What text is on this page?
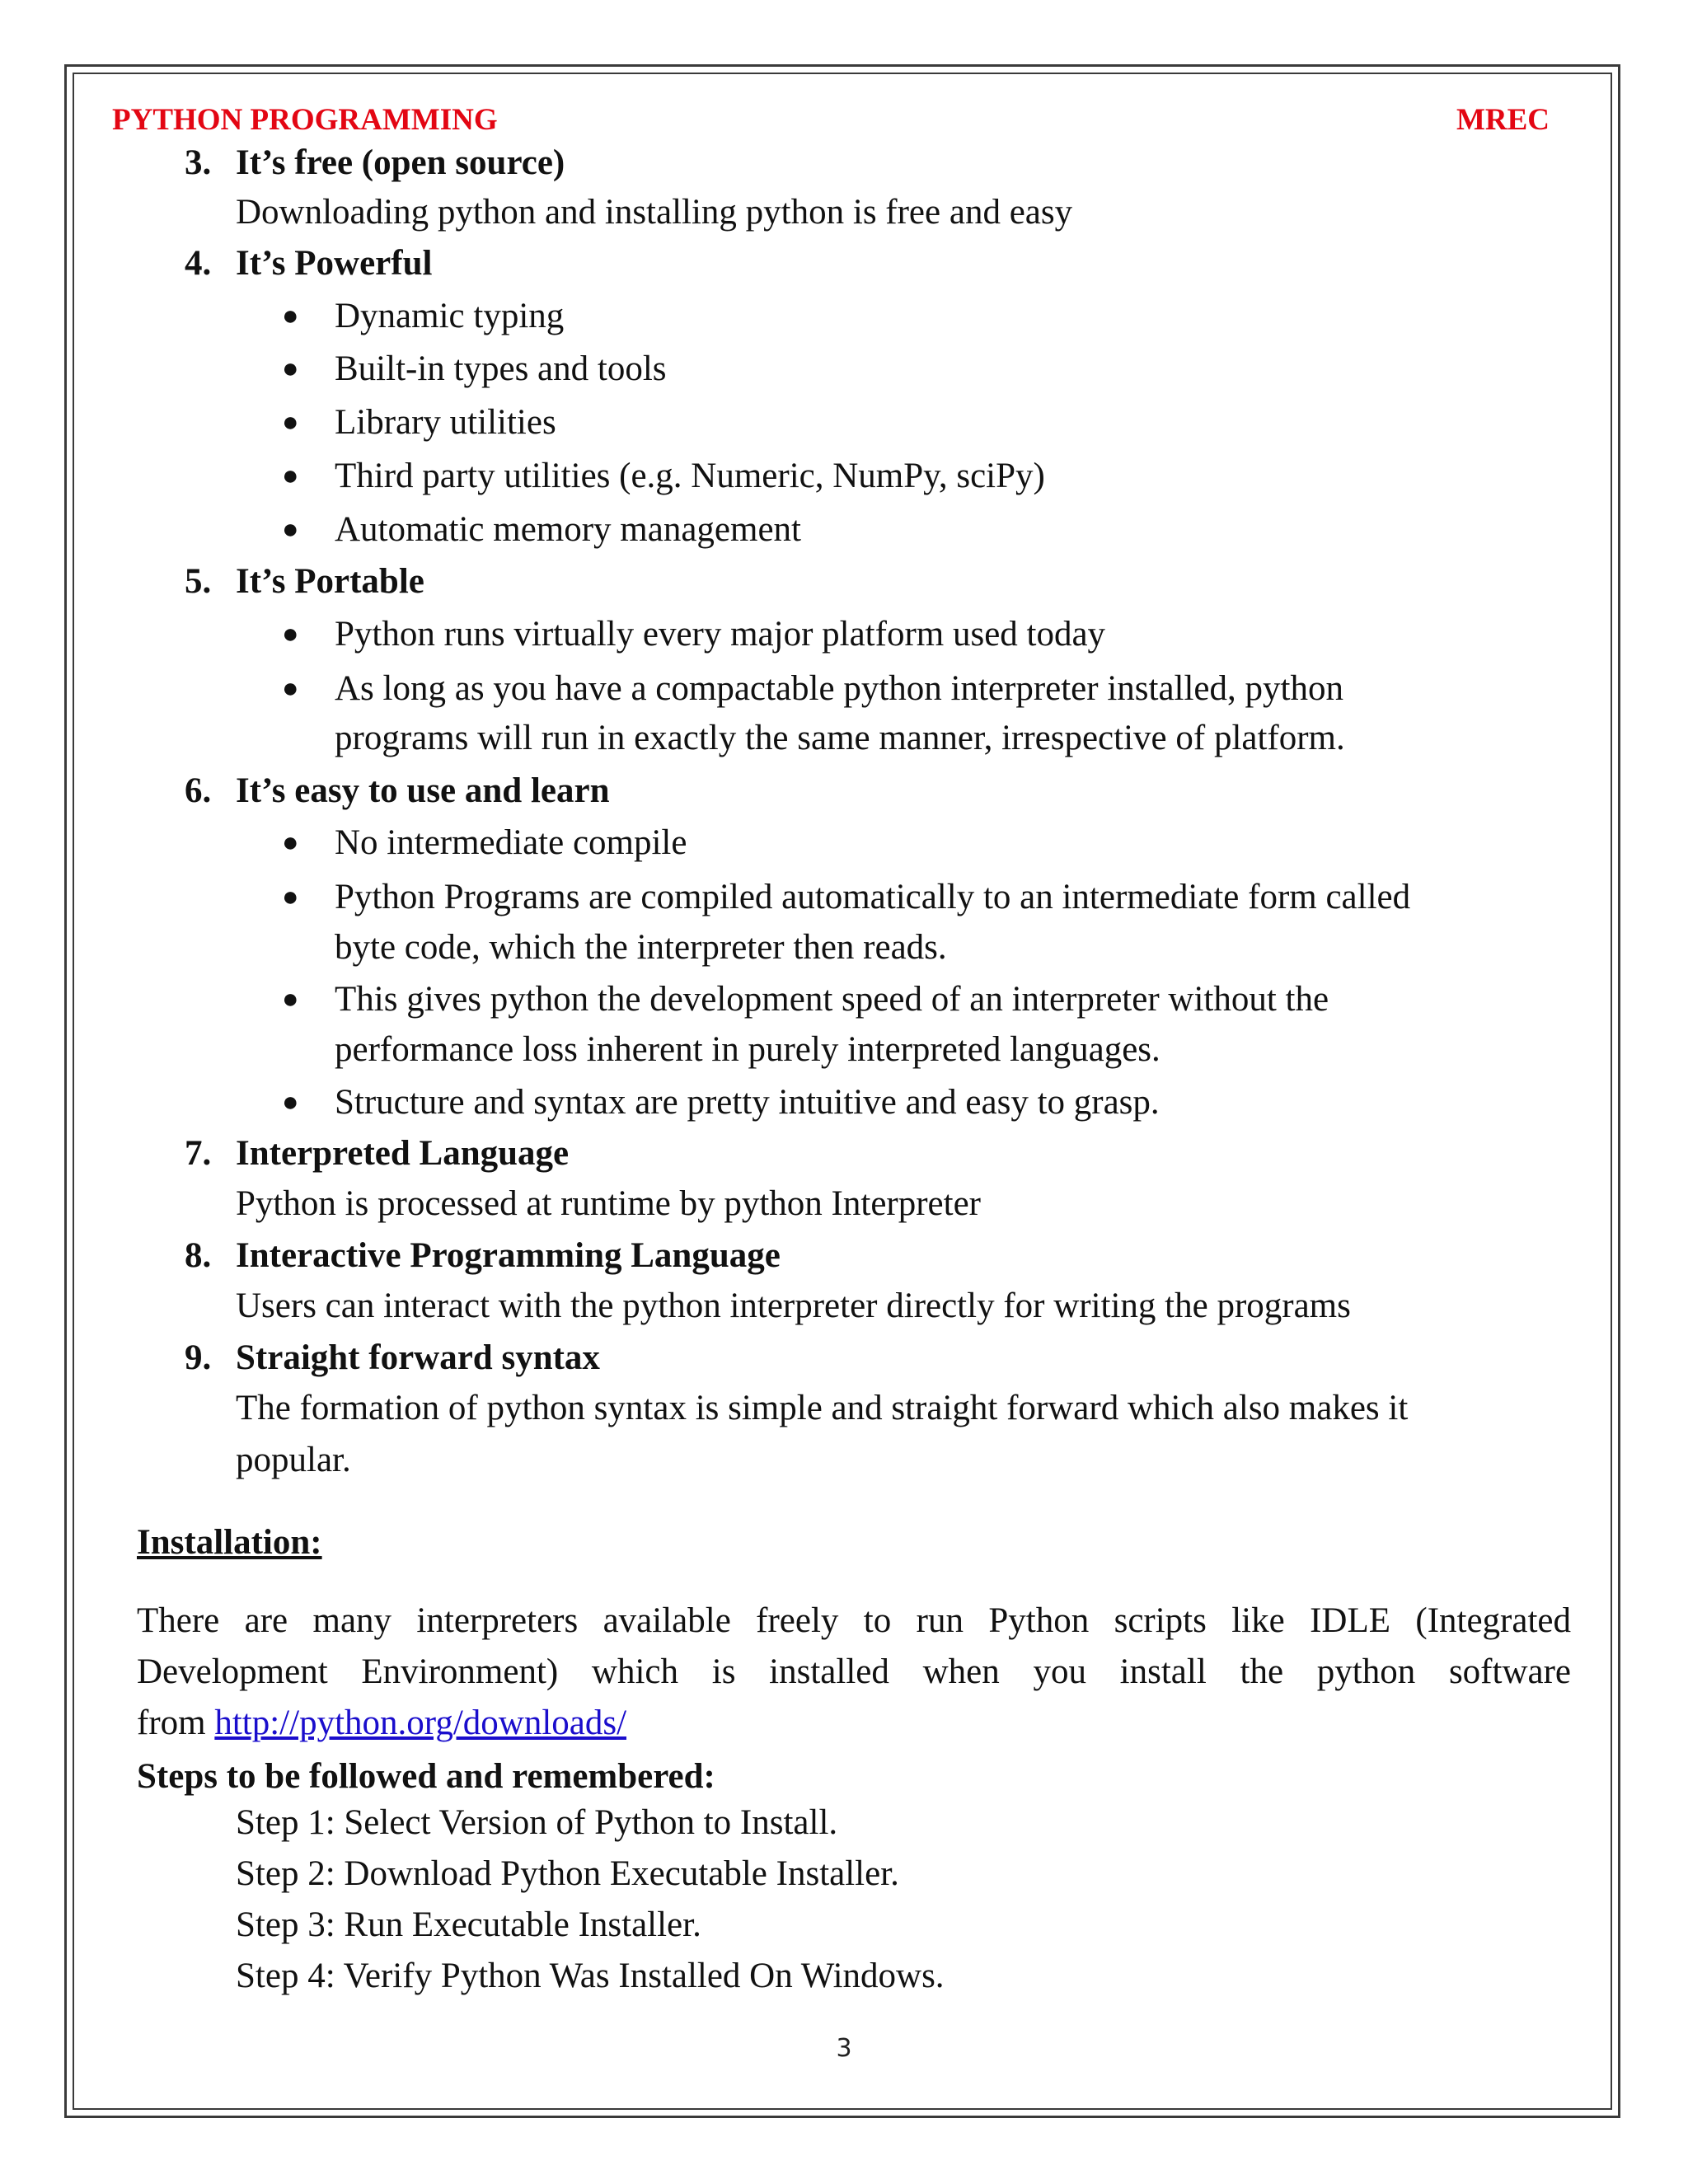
PYTHON PROGRAMMING	MREC
3. It’s free (open source)
Downloading python and installing python is free and easy
4. It’s Powerful
● Dynamic typing
● Built-in types and tools
● Library utilities
● Third party utilities (e.g. Numeric, NumPy, sciPy)
● Automatic memory management
5. It’s Portable
● Python runs virtually every major platform used today
● As long as you have a compactable python interpreter installed, python
programs will run in exactly the same manner, irrespective of platform.
6. It’s easy to use and learn
● No intermediate compile
● Python Programs are compiled automatically to an intermediate form called
byte code, which the interpreter then reads.
● This gives python the development speed of an interpreter without the
performance loss inherent in purely interpreted languages.
● Structure and syntax are pretty intuitive and easy to grasp.
7. Interpreted Language
Python is processed at runtime by python Interpreter
8. Interactive Programming Language
Users can interact with the python interpreter directly for writing the programs
9. Straight forward syntax
The formation of python syntax is simple and straight forward which also makes it
popular.
Installation:
There are many interpreters available freely to run Python scripts like IDLE (Integrated
Development Environment) which is installed when you install the python software
from http://python.org/downloads/
Steps to be followed and remembered:
Step 1: Select Version of Python to Install.
Step 2: Download Python Executable Installer.
Step 3: Run Executable Installer.
Step 4: Verify Python Was Installed On Windows.
3
